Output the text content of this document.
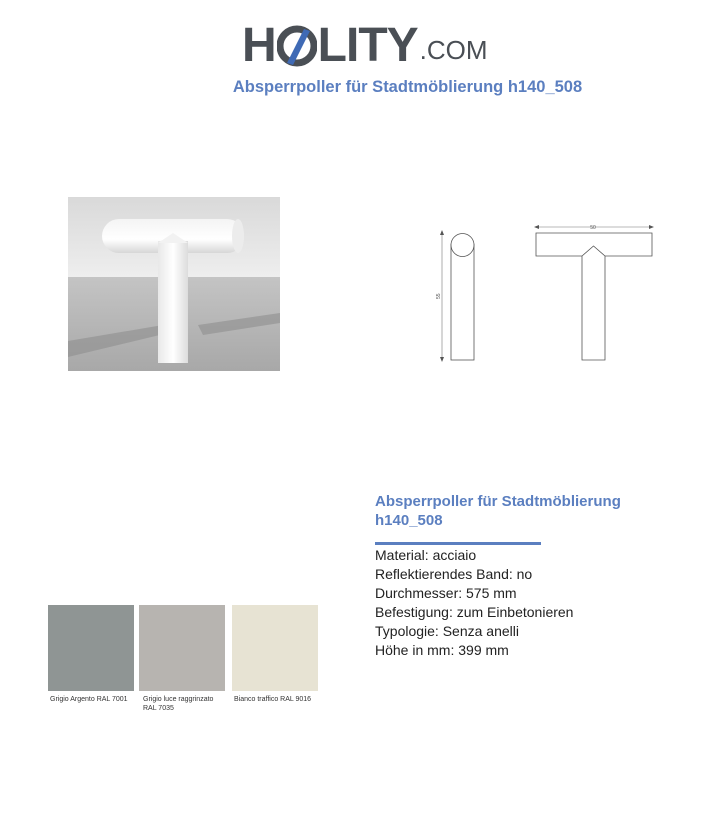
H LITY .COM
Absperrpoller für Stadtmöblierung h140_508
55
50
Grigio Argento RAL 7001	Grigio luce raggrinzato RAL 7035
Bianco traffico RAL 9016
Absperrpoller für Stadtmöblierung
h140_508
Material: acciaio
Reflektierendes Band: no
Durchmesser: 575 mm
Befestigung: zum Einbetonieren
Typologie: Senza anelli
Höhe in mm: 399 mm
